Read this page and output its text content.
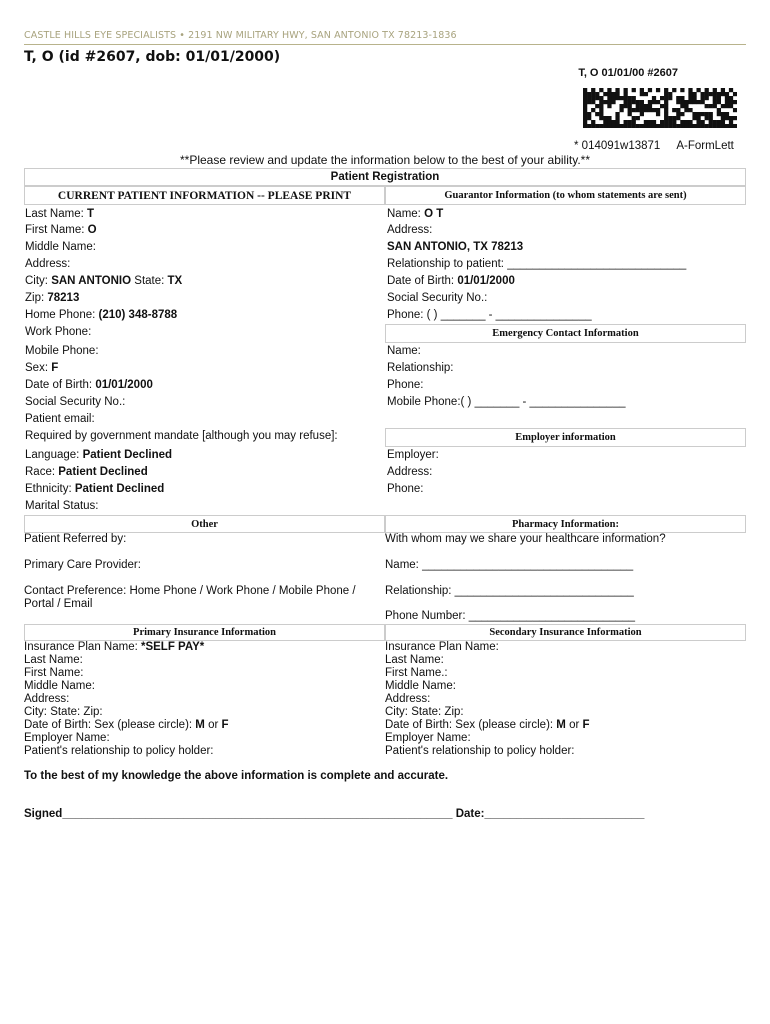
CASTLE HILLS EYE SPECIALISTS • 2191 NW MILITARY HWY, SAN ANTONIO TX 78213-1836
T, O (id #2607, dob: 01/01/2000)
T, O 01/01/00 #2607
* 014091w13871 A-FormLett
**Please review and update the information below to the best of your ability.**
Patient Registration
CURRENT PATIENT INFORMATION -- PLEASE PRINT	Guarantor Information (to whom statements are sent)
Last Name: T
First Name: O
Middle Name:
Address:
City: SAN ANTONIO State: TX
Zip: 78213
Home Phone: (210) 348-8788
Work Phone:
Mobile Phone:
Sex: F
Date of Birth: 01/01/2000
Social Security No.:
Patient email:
Required by government mandate [although you may refuse]:
Language: Patient Declined
Race: Patient Declined
Ethnicity: Patient Declined
Marital Status:
Name: O T
Address:
SAN ANTONIO, TX 78213
Relationship to patient: ____________________________
Date of Birth: 01/01/2000
Social Security No.:
Phone: ( ) _______ - _______________
Emergency Contact Information
Name:
Relationship:
Phone:
Mobile Phone:( ) _______ - _______________
Employer information
Employer:
Address:
Phone:
Other	Pharmacy Information:
Patient Referred by:	With whom may we share your healthcare information?
Primary Care Provider:	Name: _________________________________
Contact Preference: Home Phone / Work Phone / Mobile Phone / Portal / Email
Relationship: ____________________________
Phone Number: __________________________
Primary Insurance Information	Secondary Insurance Information
Insurance Plan Name: *SELF PAY*
Last Name:
First Name:
Middle Name:
Address:
City: State: Zip:
Date of Birth: Sex (please circle): M or F
Employer Name:
Patient's relationship to policy holder:
Insurance Plan Name:
Last Name:
First Name.:
Middle Name:
Address:
City: State: Zip:
Date of Birth: Sex (please circle): M or F
Employer Name:
Patient's relationship to policy holder:
To the best of my knowledge the above information is complete and accurate.
Signed_____________________________________________________________ Date:_________________________
